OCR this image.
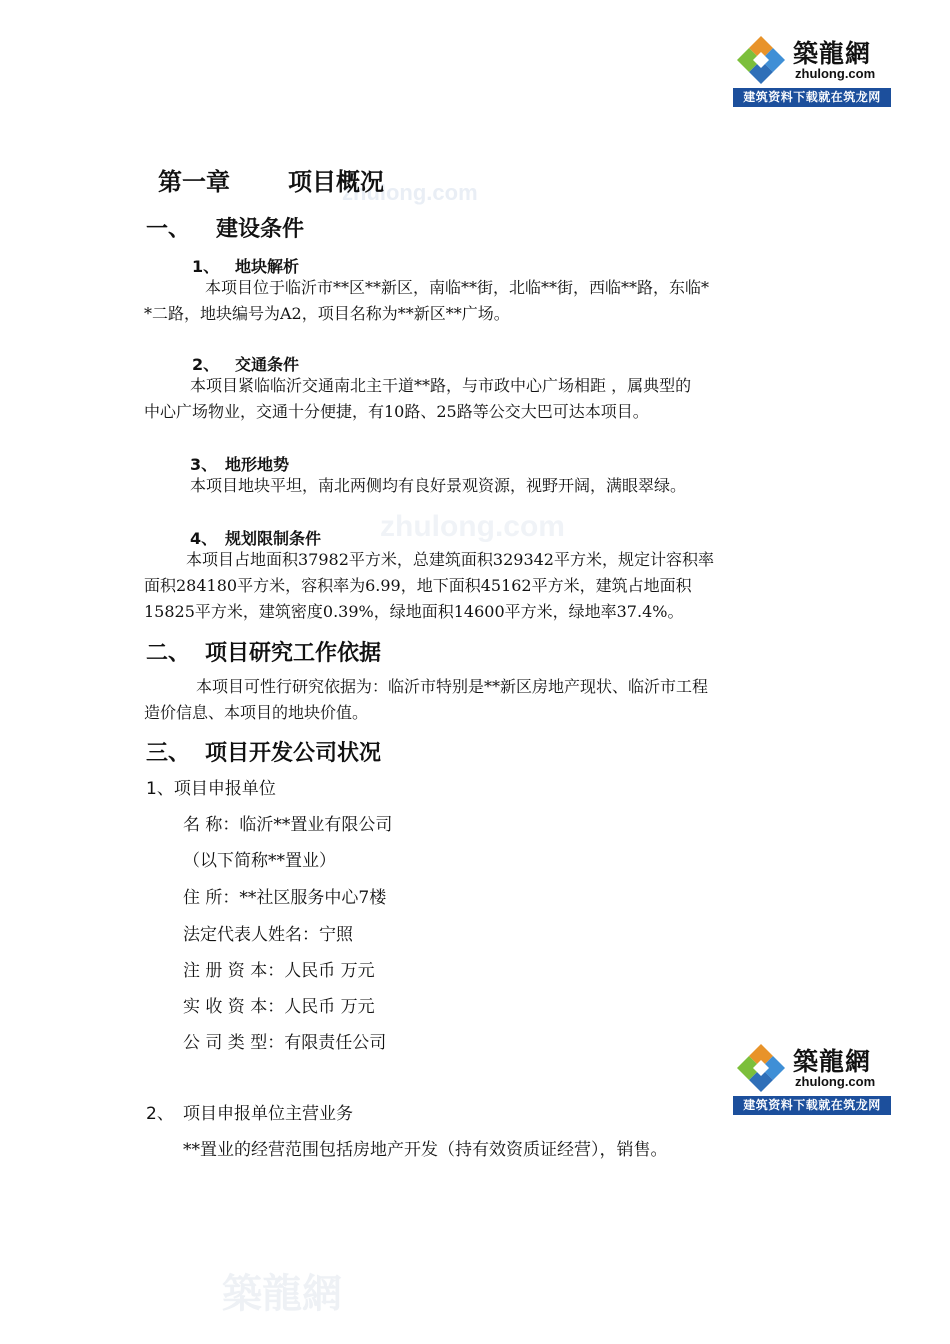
築龍網
zhulong.com
建筑资料下载就在筑龙网
zhulong.com
zhulong.com
築龍網
第一章 项目概况
一、 建设条件
1、 地块解析
本项目位于临沂市**区**新区，南临**街，北临**街，西临**路，东临*
*二路，地块编号为A2，项目名称为**新区**广场。
2、 交通条件
本项目紧临临沂交通南北主干道**路，与市政中心广场相距 ，属典型的
中心广场物业，交通十分便捷，有10路、25路等公交大巴可达本项目。
3、 地形地势
本项目地块平坦，南北两侧均有良好景观资源，视野开阔，满眼翠绿。
4、 规划限制条件
本项目占地面积37982平方米，总建筑面积329342平方米，规定计容积率
面积284180平方米，容积率为6.99，地下面积45162平方米，建筑占地面积
15825平方米，建筑密度0.39%，绿地面积14600平方米，绿地率37.4%。
二、 项目研究工作依据
本项目可性行研究依据为：临沂市特别是**新区房地产现状、临沂市工程
造价信息、本项目的地块价值。
三、 项目开发公司状况
1、项目申报单位
名 称：临沂**置业有限公司
（以下简称**置业）
住 所：**社区服务中心7楼
法定代表人姓名：宁照
注 册 资 本：人民币 万元
实 收 资 本：人民币 万元
公 司 类 型：有限责任公司
築龍網
zhulong.com
建筑资料下载就在筑龙网
2、 项目申报单位主营业务
**置业的经营范围包括房地产开发（持有效资质证经营），销售。
